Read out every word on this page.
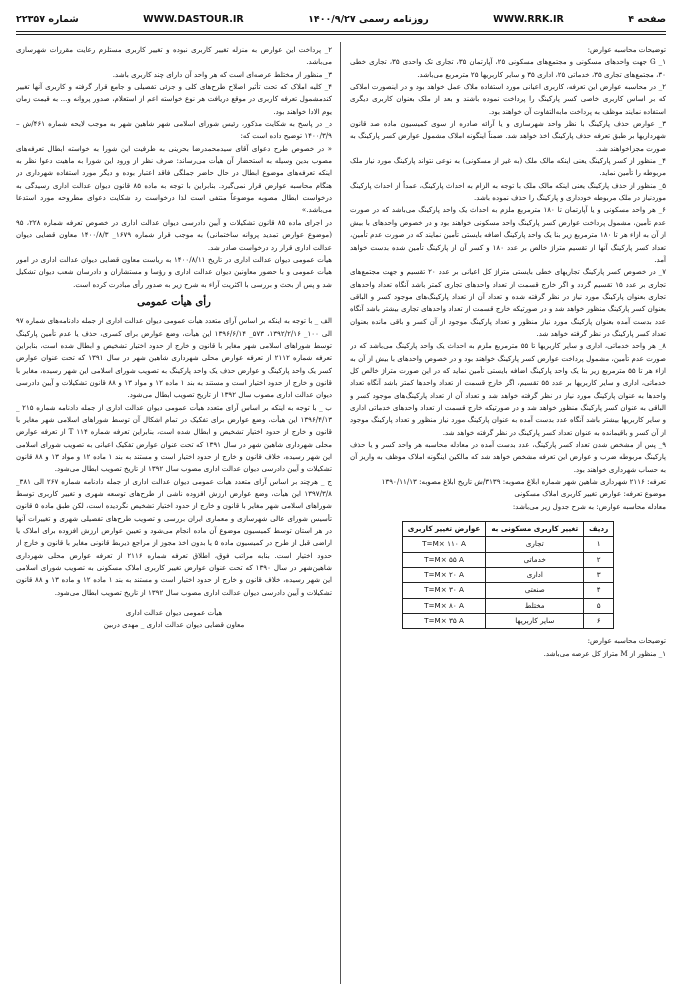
صفحه ۴
WWW.RRK.IR
روزنامه رسمی ۱۴۰۰/۹/۲۷
WWW.DASTOUR.IR
شماره ۲۲۳۵۷

توضیحات محاسبه عوارض:

۱_ G جهت واحدهای مسکونی و مجتمع‌های مسکونی ۲۵، آپارتمان ۳۵، تجاری تک واحدی ۳۵، تجاری خطی ۳۰، مجتمع‌های تجاری ۳۵، خدماتی ۲۵، اداری ۳۵ و سایر کاربریها ۲۵ مترمربع می‌باشد.

۲_ در محاسبه عوارض این تعرفه، کاربری اعیانی مورد استفاده ملاک عمل خواهد بود و در اینصورت املاکی که بر اساس کاربری خاصی کسر پارکینگ را پرداخت نموده باشند و بعد از ملک بعنوان کاربری دیگری استفاده نمایند موظف به پرداخت مابه‌التفاوت آن خواهند بود.

۳_ عوارض حذف پارکینگ با نظر واحد شهرسازی و یا آرائه صادره از سوی کمیسیون ماده صد قانون شهرداریها بر طبق تعرفه حذف پارکینگ اخذ خواهد شد. ضمناً اینگونه املاک مشمول عوارض کسر پارکینگ به صورت مجزاخواهند شد.

۴_ منظور از کسر پارکینگ یعنی اینکه مالک ملک (به غیر از مسکونی) به نوعی نتواند پارکینگ مورد نیاز ملک مربوطه را تأمین نماید.

۵_ منظور از حذف پارکینگ یعنی اینکه مالک ملک با توجه به الزام به احداث پارکینگ، عمداً از احداث پارکینگ موردنیاز در ملک مربوطه خودداری و پارکینگ را حذف نموده باشد.

۶_ هر واحد مسکونی و یا آپارتمان تا ۱۸۰ مترمربع ملزم به احداث یک واحد پارکینگ می‌باشد که در صورت عدم تأمین، مشمول پرداخت عوارض کسر پارکینگ واحد مسکونی خواهند بود و در خصوص واحدهای با بیش از آن به ازاء هر تا ۱۸۰ مترمربع زیر بنا یک واحد پارکینگ اضافه بایستی تأمین نمایند که در صورت عدم تأمین، تعداد کسر پارکینگ آنها از تقسیم متراژ خالص بر عدد ۱۸۰ و کسر آن از پارکینگ تأمین شده بدست خواهد آمد.

۷_ در خصوص کسر پارکینگ تجاریهای خطی بایستی متراژ کل اعیانی بر عدد ۲۰ تقسیم و جهت مجتمع‌های تجاری بر عدد ۱۵ تقسیم گردد و اگر خارج قسمت از تعداد واحدهای تجاری کمتر باشد آنگاه تعداد واحدهای تجاری بعنوان پارکینگ مورد نیاز در نظر گرفته شده و تعداد آن از تعداد پارکینگ‌های موجود کسر و الباقی بعنوان کسر پارکینگ منظور خواهد شد و در صورتیکه خارج قسمت از تعداد واحدهای تجاری بیشتر باشد آنگاه عدد بدست آمده بعنوان پارکینگ مورد نیاز منظور و تعداد پارکینگ موجود از آن کسر و باقی مانده بعنوان تعداد کسر پارکینگ در نظر گرفته خواهد شد.

۸_ هر واحد خدماتی، اداری و سایر کاربریها تا ۵۵ مترمربع ملزم به احداث یک واحد پارکینگ می‌باشد که در صورت عدم تأمین، مشمول پرداخت عوارض کسر پارکینگ خواهند بود و در خصوص واحدهای با بیش از آن به ازاء هر تا ۵۵ مترمربع زیر بنا یک واحد پارکینگ اضافه بایستی تأمین نماید که در این صورت متراژ خالص کل خدماتی، اداری و سایر کاربریها بر عدد ۵۵ تقسیم، اگر خارج قسمت از تعداد واحدها کمتر باشد آنگاه تعداد واحدها به عنوان پارکینگ مورد نیاز در نظر گرفته خواهد شد و تعداد آن از تعداد پارکینگ‌های موجود کسر و الباقی به عنوان کسر پارکینگ منظور خواهد شد و در صورتیکه خارج قسمت از تعداد واحدهای خدماتی اداری و سایر کاربریها بیشتر باشد آنگاه عدد بدست آمده به عنوان پارکینگ مورد نیاز منظور و تعداد پارکینگ موجود از آن کسر و باقیمانده به عنوان تعداد کسر پارکینگ در نظر گرفته خواهد شد.

۹_ پس از مشخص شدن تعداد کسر پارکینگ، عدد بدست آمده در معادله محاسبه هر واحد کسر و یا حذف پارکینگ مربوطه ضرب و عوارض این تعرفه مشخص خواهد شد که مالکین اینگونه املاک موظف به واریز آن به حساب شهرداری خواهند بود.

تعرفه: ۲۱۱۶ شهرداری شاهین شهر شماره ابلاغ مصوبه: ۳۱۳۹/ش تاریخ ابلاغ مصوبه: ۱۳۹۰/۱۱/۱۳

موضوع تعرفه: عوارض تغییر کاربری املاک مسکونی

معادله محاسبه عوارض: به شرح جدول زیر می‌باشد:

ردیف	تغییر کاربری مسکونی به	عوارض تغییر کاربری
۱	تجاری	T=M× ۱۱۰ A
۲	خدماتی	T=M× ۵۵ A
۳	اداری	T=M× ۲۰ A
۴	صنعتی	T=M× ۳۰ A
۵	مختلط	T=M× ۸۰ A
۶	سایر کاربریها	T=M× ۳۵ A

توضیحات محاسبه عوارض:

۱_ منظور از M متراژ کل عرصه می‌باشد.

۲_ پرداخت این عوارض به منزله تغییر کاربری نبوده و تغییر کاربری مستلزم رعایت مقررات شهرسازی می‌باشد.

۳_ منظور از مختلط عرصه‌ای است که هر واحد آن دارای چند کاربری باشد.

۴_ کلیه املاک که تحت تأثیر اصلاح طرح‌های کلی و جزئی تفصیلی و جامع قرار گرفته و کاربری آنها تغییر کندمشمول تعرفه کاربری در موقع دریافت هر نوع خواسته اعم از استعلام، صدور پروانه و... به قیمت زمان یوم الادا خواهند بود.

د_ در پاسخ به شکایت مذکور، رئیس شورای اسلامی شهر شاهین شهر به موجب لایحه شماره ۴۶۱/ش – ۱۴۰۰/۳/۹ توضیح داده است که:

« در خصوص طرح دعوای آقای سیدمحمدرضا بحرینی به طرفیت این شورا به خواسته ابطال تعرفه‌های مصوب بدین وسیله به استحضار آن هیأت می‌رساند: صرف نظر از ورود این شورا به ماهیت دعوا نظر به اینکه تعرفه‌های موضوع ابطال در حال حاضر جملگی فاقد اعتبار بوده و دیگر مورد استفاده شهرداری در هنگام محاسبه عوارض قرار نمی‌گیرد. بنابراین با توجه به ماده ۸۵ قانون دیوان عدالت اداری رسیدگی به درخواست ابطال مصوبه موضوعاً منتفی است لذا درخواست رد شکایت دعوای مطروحه مورد استدعا می‌باشد.»

در اجرای ماده ۸۵ قانون تشکیلات و آیین دادرسی دیوان عدالت اداری در خصوص تعرفه شماره ۲۲۸، ۹۵ (موضوع عوارض تمدید پروانه ساختمانی) به موجب قرار شماره ۱۶۷۹_ ۱۴۰۰/۸/۳ معاون قضایی دیوان عدالت اداری قرار رد درخواست صادر شد.

هیأت عمومی دیوان عدالت اداری در تاریخ ۱۴۰۰/۸/۱۱ به ریاست معاون قضایی دیوان عدالت اداری در امور هیأت عمومی و با حضور معاونین دیوان عدالت اداری و رؤسا و مستشاران و دادرسان شعب دیوان تشکیل شد و پس از بحث و بررسی با اکثریت آراء به شرح زیر به صدور رأی مبادرت کرده است.

رأی هیأت عمومی

الف _ با توجه به اینکه بر اساس آرای متعدد هیأت عمومی دیوان عدالت اداری از جمله دادنامه‌های شماره ۹۷ الی ۱۰۰_ ۱۳۹۲/۲/۱۶، ۵۷۳_ ۱۳۹۶/۶/۱۴ این هیأت، وضع عوارض برای کسری، حذف یا عدم تأمین پارکینگ توسط شوراهای اسلامی شهر مغایر با قانون و خارج از حدود اختیار تشخیص و ابطال شده است، بنابراین تعرفه شماره ۲۱۱۲ از تعرفه عوارض محلی شهرداری شاهین شهر در سال ۱۳۹۱ که تحت عنوان عوارض کسر یک واحد پارکینگ و عوارض حذف یک واحد پارکینگ به تصویب شورای اسلامی این شهر رسیده، مغایر با قانون و خارج از حدود اختیار است و مستند به بند ۱ ماده ۱۲ و مواد ۱۳ و ۸۸ قانون تشکیلات و آیین دادرسی دیوان عدالت اداری مصوب سال ۱۳۹۲ از تاریخ تصویب ابطال می‌شود.

ب _ با توجه به اینکه بر اساس آرای متعدد هیأت عمومی دیوان عدالت اداری از جمله دادنامه شماره ۲۱۵ _ ۱۳۹۶/۴/۱۳ این هیأت، وضع عوارض برای تفکیک در تمام اشکال آن توسط شوراهای اسلامی شهر مغایر با قانون و خارج از حدود اختیار تشخیص و ابطال شده است، بنابراین تعرفه شماره ۱۱۴ T از تعرفه عوارض محلی شهرداری شاهین شهر در سال ۱۳۹۱ که تحت عنوان عوارض تفکیک اعیانی به تصویب شورای اسلامی این شهر رسیده، خلاف قانون و خارج از حدود اختیار است و مستند به بند ۱ ماده ۱۲ و مواد ۱۳ و ۸۸ قانون تشکیلات و آیین دادرسی دیوان عدالت اداری مصوب سال ۱۳۹۲ از تاریخ تصویب ابطال می‌شود.

ج _ هرچند بر اساس آرای متعدد هیأت عمومی دیوان عدالت اداری از جمله دادنامه شماره ۲۶۷ الی ۳۸۱_ ۱۳۹۷/۳/۸ این هیأت، وضع عوارض ارزش افزوده ناشی از طرح‌های توسعه شهری و تغییر کاربری توسط شوراهای اسلامی شهر مغایر با قانون و خارج از حدود اختیار تشخیص نگردیده است، لکن طبق ماده ۵ قانون تأسیس شورای عالی شهرسازی و معماری ایران بررسی و تصویب طرح‌های تفصیلی شهری و تغییرات آنها در هر استان توسط کمیسیون موضوع آن ماده انجام می‌شود و تعیین عوارض ارزش افزوده برای املاک یا اراضی قبل از طرح در کمیسیون ماده ۵ یا بدون اخذ مجوز از مراجع ذیربط قانونی مغایر با قانون و خارج از حدود اختیار است. بنابه مراتب فوق، اطلاق تعرفه شماره ۲۱۱۶ از تعرفه عوارض محلی شهرداری شاهین‌شهر در سال ۱۳۹۰ که تحت عنوان عوارض تغییر کاربری املاک مسکونی به تصویب شورای اسلامی این شهر رسیده، خلاف قانون و خارج از حدود اختیار است و مستند به بند ۱ ماده ۱۲ و ماده ۱۳ و ۸۸ قانون تشکیلات و آیین دادرسی دیوان عدالت اداری مصوب سال ۱۳۹۲ از تاریخ تصویب ابطال می‌شود.

هیأت عمومی دیوان عدالت اداری

معاون قضایی دیوان عدالت اداری _ مهدی دربین
